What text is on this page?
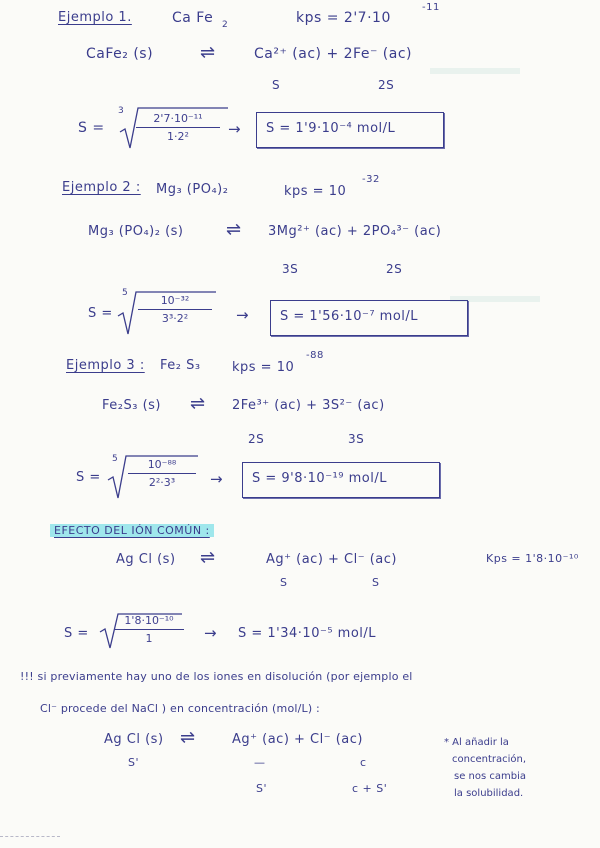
Ejemplo 1.	Ca Fe 2	kps = 2'7·10
-11
CaFe₂ (s)	⇌	Ca²⁺ (ac) + 2Fe⁻ (ac)
S	2S
S =
3
2'7·10⁻¹¹
1·2²	→ S = 1'9·10⁻⁴ mol/L
Ejemplo 2 : Mg₃ (PO₄)₂	kps = 10
-32
Mg₃ (PO₄)₂ (s) ⇌ 3Mg²⁺ (ac) + 2PO₄³⁻ (ac)
3S	2S
S =
5
10⁻³²
3³·2²	→ S = 1'56·10⁻⁷ mol/L
Ejemplo 3 : Fe₂ S₃ kps = 10
-88
Fe₂S₃ (s) ⇌ 2Fe³⁺ (ac) + 3S²⁻ (ac)
2S	3S
S =
5	10⁻⁸⁸
2²·3³	→ S = 9'8·10⁻¹⁹ mol/L
EFECTO DEL IÓN COMÚN :
Ag Cl (s) ⇌	Ag⁺ (ac) + Cl⁻ (ac)	Kps = 1'8·10⁻¹⁰
S	S
S =
1'8·10⁻¹⁰
1	→ S = 1'34·10⁻⁵ mol/L
!!! si previamente hay uno de los iones en disolución (por ejemplo el
Cl⁻ procede del NaCl ) en concentración (mol/L) :
Ag Cl (s) ⇌	Ag⁺ (ac) + Cl⁻ (ac)
S'	—	c
S'	c + S'
* Al añadir la
concentración,
se nos cambia
la solubilidad.
